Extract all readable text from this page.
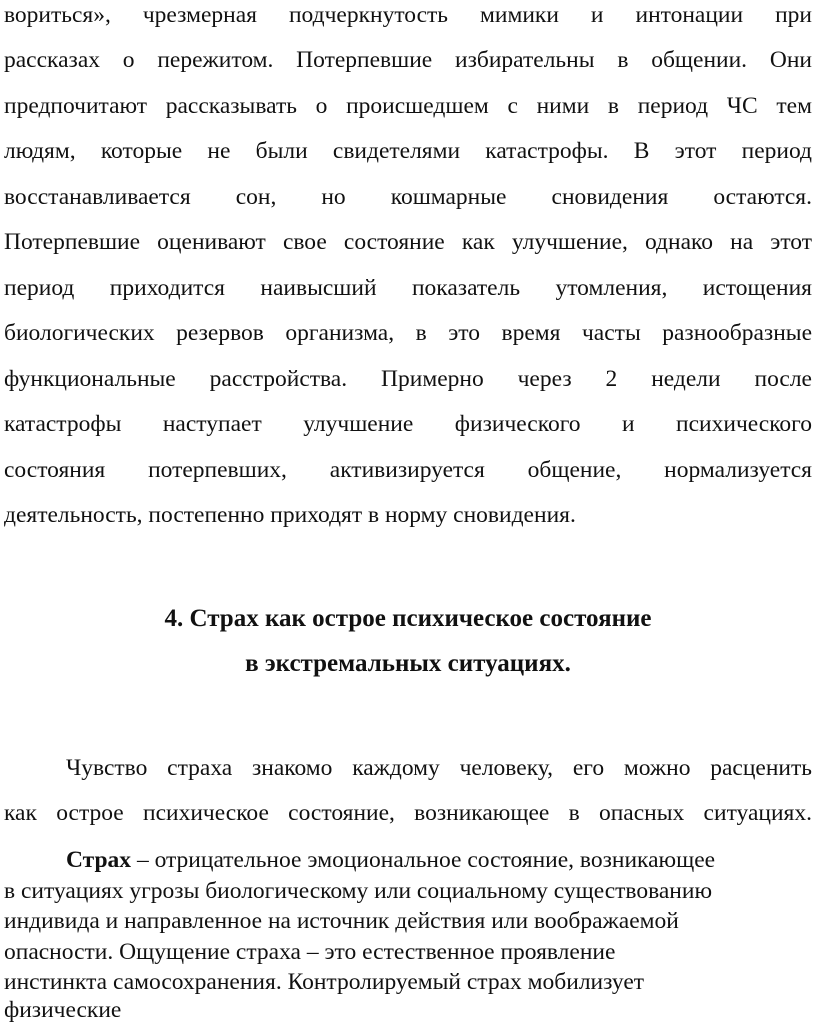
вориться», чрезмерная подчеркнутость мимики и интонации при
рассказах о пережитом. Потерпевшие избирательны в общении. Они
предпочитают рассказывать о происшедшем с ними в период ЧС тем
людям, которые не были свидетелями катастрофы. В этот период
восстанавливается сон, но кошмарные сновидения остаются.
Потерпевшие оценивают свое состояние как улучшение, однако на этот
период приходится наивысший показатель утомления, истощения
биологических резервов организма, в это время часты разнообразные
функциональные расстройства. Примерно через 2 недели после
катастрофы наступает улучшение физического и психического
состояния потерпевших, активизируется общение, нормализуется
деятельность, постепенно приходят в норму сновидения.
4. Страх как острое психическое состояние
в экстремальных ситуациях.
Чувство страха знакомо каждому человеку, его можно расценить
как острое психическое состояние, возникающее в опасных ситуациях.
Страх – отрицательное эмоциональное состояние, возникающее
в ситуациях угрозы биологическому или социальному существованию
индивида и направленное на источник действия или воображаемой
опасности. Ощущение страха – это естественное проявление
инстинкта самосохранения. Контролируемый страх мобилизует
физические
